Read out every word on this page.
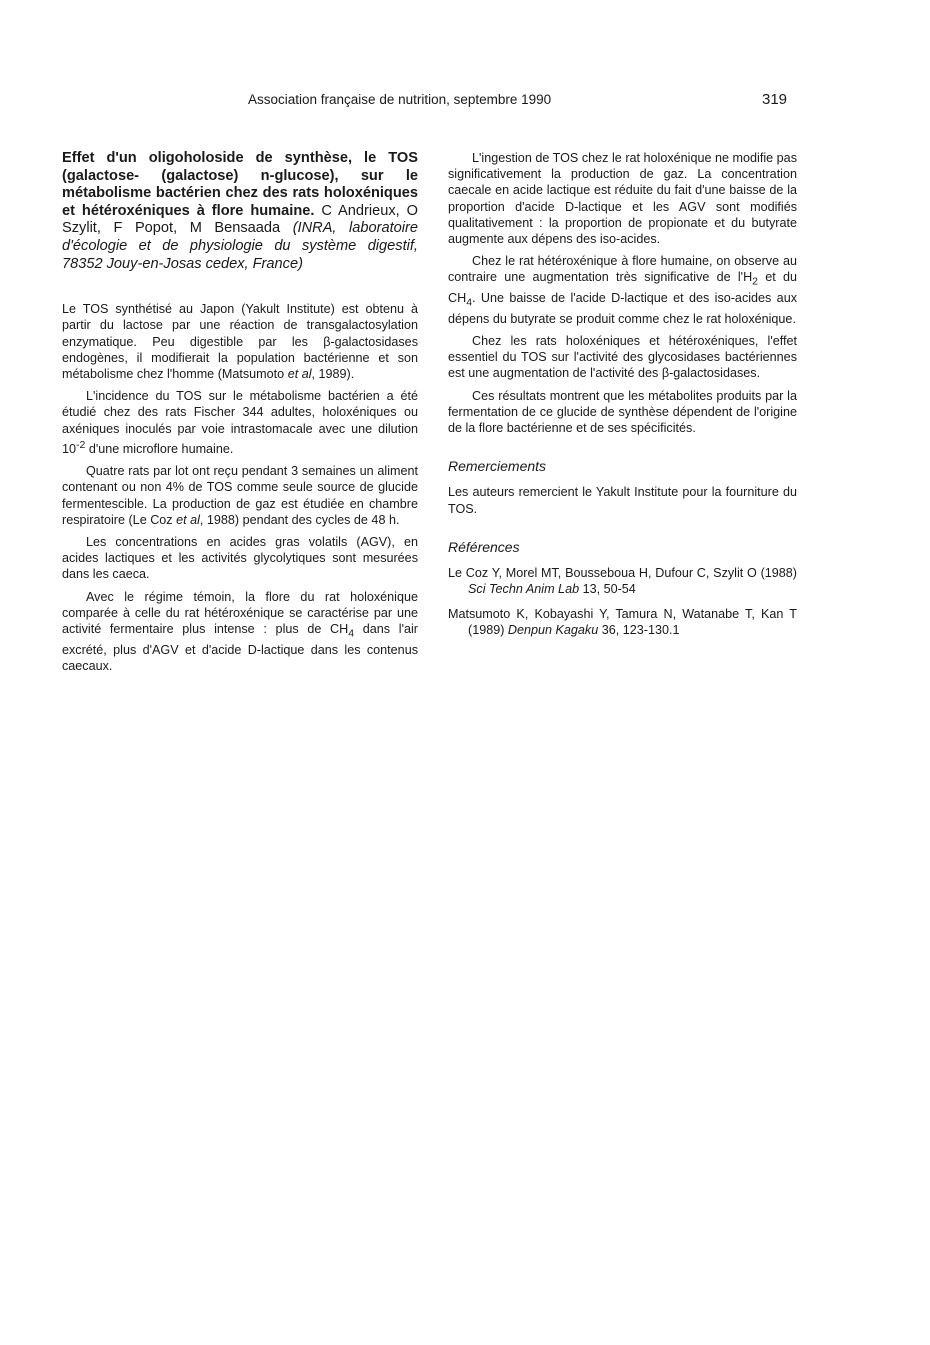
Association française de nutrition, septembre 1990	319
Effet d'un oligoholoside de synthèse, le TOS (galactose- (galactose) n-glucose), sur le métabolisme bactérien chez des rats holoxéniques et hétéroxéniques à flore humaine. C Andrieux, O Szylit, F Popot, M Bensaada (INRA, laboratoire d'écologie et de physiologie du système digestif, 78352 Jouy-en-Josas cedex, France)

Le TOS synthétisé au Japon (Yakult Institute) est obtenu à partir du lactose par une réaction de transgalactosylation enzymatique. Peu digestible par les β-galactosidases endogènes, il modifierait la population bactérienne et son métabolisme chez l'homme (Matsumoto et al, 1989).

L'incidence du TOS sur le métabolisme bactérien a été étudié chez des rats Fischer 344 adultes, holoxéniques ou axéniques inoculés par voie intrastomacale avec une dilution $10^{-2}$ d'une microflore humaine.

Quatre rats par lot ont reçu pendant 3 semaines un aliment contenant ou non 4% de TOS comme seule source de glucide fermentescible. La production de gaz est étudiée en chambre respiratoire (Le Coz et al, 1988) pendant des cycles de 48 h.

Les concentrations en acides gras volatils (AGV), en acides lactiques et les activités glycolytiques sont mesurées dans les caeca.

Avec le régime témoin, la flore du rat holoxénique comparée à celle du rat hétéroxénique se caractérise par une activité fermentaire plus intense : plus de $CH_4$ dans l'air excrété, plus d'AGV et d'acide D-lactique dans les contenus caecaux.

L'ingestion de TOS chez le rat holoxénique ne modifie pas significativement la production de gaz. La concentration caecale en acide lactique est réduite du fait d'une baisse de la proportion d'acide D-lactique et les AGV sont modifiés qualitativement : la proportion de propionate et du butyrate augmente aux dépens des iso-acides.

Chez le rat hétéroxénique à flore humaine, on observe au contraire une augmentation très significative de $l'H_2$ et du $CH_4$. Une baisse de l'acide D-lactique et des iso-acides aux dépens du butyrate se produit comme chez le rat holoxénique.

Chez les rats holoxéniques et hétéroxéniques, l'effet essentiel du TOS sur l'activité des glycosidases bactériennes est une augmentation de l'activité des β-galactosidases.

Ces résultats montrent que les métabolites produits par la fermentation de ce glucide de synthèse dépendent de l'origine de la flore bactérienne et de ses spécificités.

Remerciements

Les auteurs remercient le Yakult Institute pour la fourniture du TOS.

Références
Le Coz Y, Morel MT, Bousseboua H, Dufour C, Szylit O (1988) Sci Techn Anim Lab 13, 50-54
Matsumoto K, Kobayashi Y, Tamura N, Watanabe T, Kan T (1989) Denpun Kagaku 36, 123-130.1
